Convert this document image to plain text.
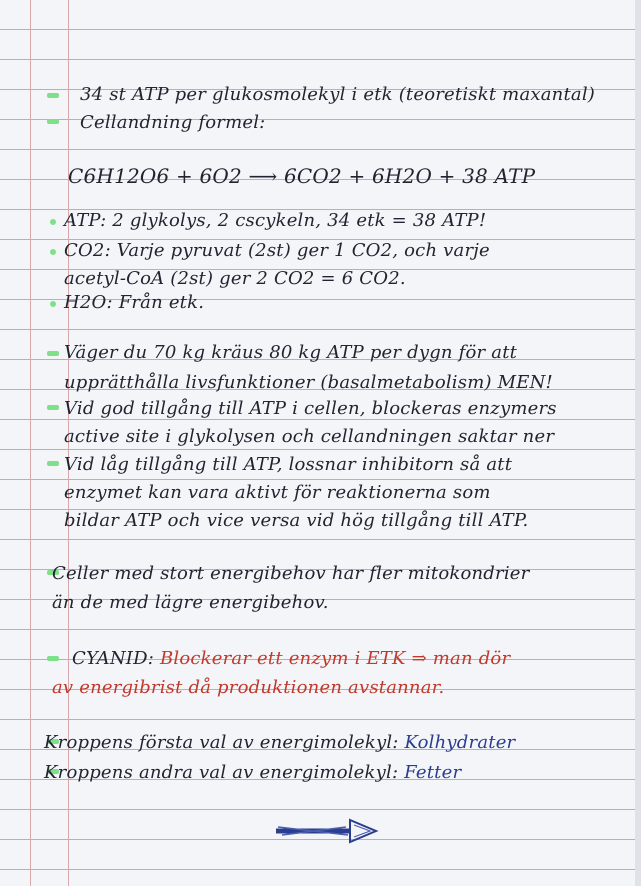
34 st ATP per glukosmolekyl i etk (teoretiskt maxantal)
Cellandning formel:
C6H12O6 + 6O2 ⟶ 6CO2 + 6H2O + 38 ATP
ATP: 2 glykolys, 2 cscykeln, 34 etk = 38 ATP!
CO2: Varje pyruvat (2st) ger 1 CO2, och varje
acetyl-CoA (2st) ger 2 CO2 = 6 CO2.
H2O: Från etk.
Väger du 70 kg kräus 80 kg ATP per dygn för att
upprätthålla livsfunktioner (basalmetabolism) MEN!
Vid god tillgång till ATP i cellen, blockeras enzymers
active site i glykolysen och cellandningen saktar ner
Vid låg tillgång till ATP, lossnar inhibitorn så att
enzymet kan vara aktivt för reaktionerna som
bildar ATP och vice versa vid hög tillgång till ATP.
Celler med stort energibehov har fler mitokondrier
än de med lägre energibehov.
CYANID: Blockerar ett enzym i ETK ⇒ man dör
av energibrist då produktionen avstannar.
Kroppens första val av energimolekyl: Kolhydrater
Kroppens andra val av energimolekyl: Fetter
